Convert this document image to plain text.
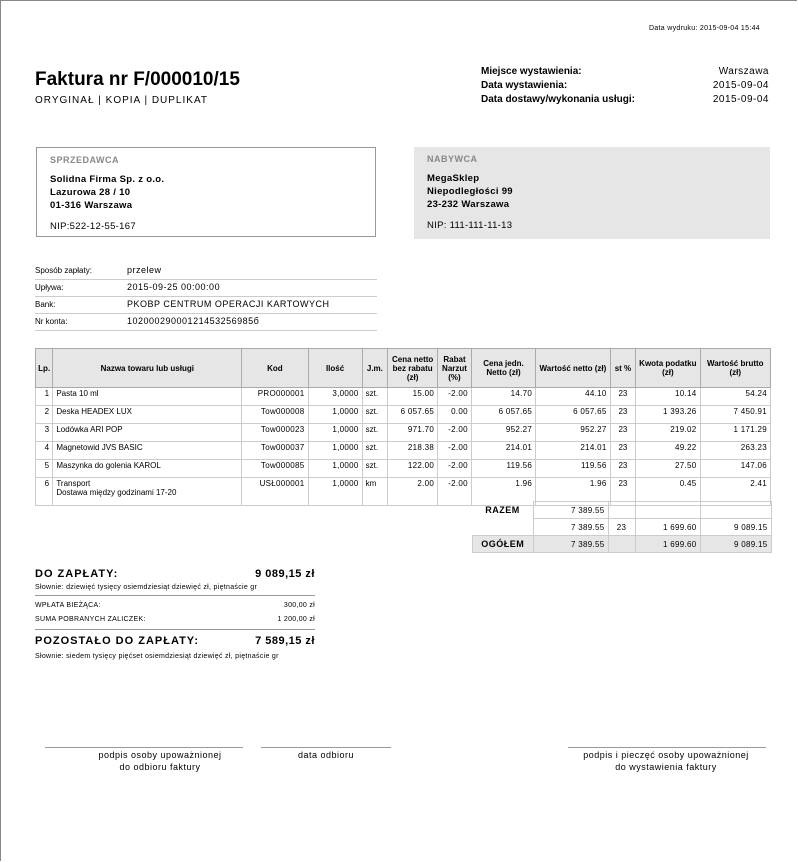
Data wydruku: 2015-09-04 15:44
Faktura nr F/000010/15
ORYGINAŁ | KOPIA | DUPLIKAT
Miejsce wystawienia:	Warszawa
Data wystawienia:	2015-09-04
Data dostawy/wykonania usługi:	2015-09-04
SPRZEDAWCA
Solidna Firma Sp. z o.o.
Lazurowa 28 / 10
01-316 Warszawa
NIP:522-12-55-167
NABYWCA
MegaSklep
Niepodległości 99
23-232 Warszawa
NIP: 111-111-11-13
Sposób zapłaty:	przelew
Upływa:	2015-09-25 00:00:00
Bank:	PKOBP CENTRUM OPERACJI KARTOWYCH
Nr konta:	10200029000121453256985б
Lp.	Nazwa towaru lub usługi	Kod	Ilość	J.m.	Cena netto bez rabatu (zł)	Rabat Narzut (%)	Cena jedn. Netto (zł)	Wartość netto (zł)	st %	Kwota podatku (zł)	Wartość brutto (zł)
1	Pasta 10 ml	PRO000001	3,0000	szt.	15.00	-2.00	14.70	44.10	23	10.14	54.24
2	Deska HEADEX LUX	Tow000008	1,0000	szt.	6 057.65	0.00	6 057.65	6 057.65	23	1 393.26	7 450.91
3	Lodówka ARI POP	Tow000023	1,0000	szt.	971.70	-2.00	952.27	952.27	23	219.02	1 171.29
4	Magnetowid JVS BASIC	Tow000037	1,0000	szt.	218.38	-2.00	214.01	214.01	23	49.22	263.23
5	Maszynka do golenia KAROL	Tow000085	1,0000	szt.	122.00	-2.00	119.56	119.56	23	27.50	147.06
6	Transport
Dostawa między godzinami 17-20	USŁ000001	1,0000	km	2.00	-2.00	1.96	1.96	23	0.45	2.41
RAZEM	7 389.55			
	7 389.55	23	1 699.60	9 089.15
OGÓŁEM	7 389.55		1 699.60	9 089.15
DO ZAPŁATY:	9 089,15 zł
Słownie: dziewięć tysięcy osiemdziesiąt dziewięć zł, piętnaście gr
WPŁATA BIEŻĄCA:	300,00 zł
SUMA POBRANYCH ZALICZEK:	1 200,00 zł
POZOSTAŁO DO ZAPŁATY:	7 589,15 zł
Słownie: siedem tysięcy pięćset osiemdziesiąt dziewięć zł, piętnaście gr
podpis osoby upoważnionej
do odbioru faktury
data odbioru	podpis i pieczęć osoby upoważnionej
do wystawienia faktury
